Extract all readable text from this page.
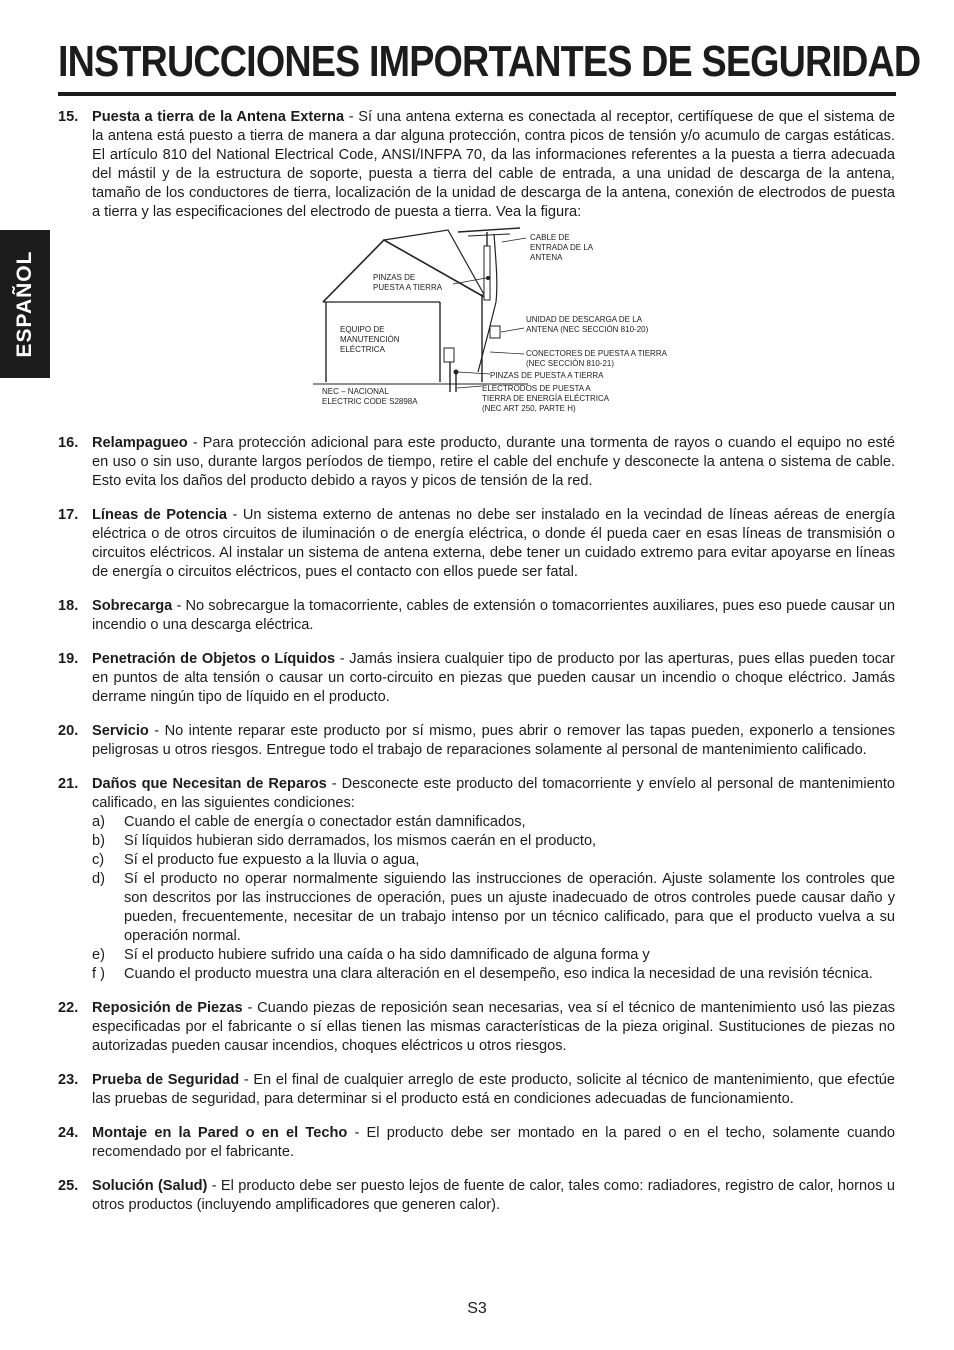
INSTRUCCIONES IMPORTANTES DE SEGURIDAD
ESPAÑOL
15. Puesta a tierra de la Antena Externa - Sí una antena externa es conectada al receptor, certifíquese de que el sistema de la antena está puesto a tierra de manera a dar alguna protección, contra picos de tensión y/o acumulo de cargas estáticas. El artículo 810 del National Electrical Code, ANSI/INFPA 70, da las informaciones referentes a la puesta a tierra adecuada del mástil y de la estructura de soporte, puesta a tierra del cable de entrada, a una unidad de descarga de la antena, tamaño de los conductores de tierra, localización de la unidad de descarga de la antena, conexión de electrodos de puesta a tierra y las especificaciones del electrodo de puesta a tierra. Vea la figura:
CABLE DE
ENTRADA DE LA
ANTENA
PINZAS DE
PUESTA A TIERRA
UNIDAD DE DESCARGA DE LA
ANTENA (NEC SECCIÓN 810-20)
EQUIPO DE
MANUTENCIÓN
ELÉCTRICA	CONECTORES DE PUESTA A TIERRA
(NEC SECCIÓN 810-21)
PINZAS DE PUESTA A TIERRA
NEC – NACIONAL
ELECTRIC CODE S2898A
ELECTRODOS DE PUESTA A
TIERRA DE ENERGÍA ELÉCTRICA
(NEC ART 250, PARTE H)
16. Relampagueo - Para protección adicional para este producto, durante una tormenta de rayos o cuando el equipo no esté en uso o sin uso, durante largos períodos de tiempo, retire el cable del enchufe y desconecte la antena o sistema de cable. Esto evita los daños del producto debido a rayos y picos de tensión de la red.
17. Líneas de Potencia - Un sistema externo de antenas no debe ser instalado en la vecindad de líneas aéreas de energía eléctrica o de otros circuitos de iluminación o de energía eléctrica, o donde él pueda caer en esas líneas de transmisión o circuitos eléctricos. Al instalar un sistema de antena externa, debe tener un cuidado extremo para evitar apoyarse en líneas de energía o circuitos eléctricos, pues el contacto con ellos puede ser fatal.
18. Sobrecarga - No sobrecargue la tomacorriente, cables de extensión o tomacorrientes auxiliares, pues eso puede causar un incendio o una descarga eléctrica.
19. Penetración de Objetos o Líquidos - Jamás insiera cualquier tipo de producto por las aperturas, pues ellas pueden tocar en puntos de alta tensión o causar un corto-circuito en piezas que pueden causar un incendio o choque eléctrico. Jamás derrame ningún tipo de líquido en el producto.
20. Servicio - No intente reparar este producto por sí mismo, pues abrir o remover las tapas pueden, exponerlo a tensiones peligrosas u otros riesgos. Entregue todo el trabajo de reparaciones solamente al personal de mantenimiento calificado.
21. Daños que Necesitan de Reparos - Desconecte este producto del tomacorriente y envíelo al personal de mantenimiento calificado, en las siguientes condiciones:
a) Cuando el cable de energía o conectador están damnificados,
b) Sí líquidos hubieran sido derramados, los mismos caerán en el producto,
c) Sí el producto fue expuesto a la lluvia o agua,
d) Sí el producto no operar normalmente siguiendo las instrucciones de operación. Ajuste solamente los controles que son descritos por las instrucciones de operación, pues un ajuste inadecuado de otros controles puede causar daño y pueden, frecuentemente, necesitar de un trabajo intenso por un técnico calificado, para que el producto vuelva a su operación normal.
e) Sí el producto hubiere sufrido una caída o ha sido damnificado de alguna forma y
f ) Cuando el producto muestra una clara alteración en el desempeño, eso indica la necesidad de una revisión técnica.
22. Reposición de Piezas - Cuando piezas de reposición sean necesarias, vea sí el técnico de mantenimiento usó las piezas especificadas por el fabricante o sí ellas tienen las mismas características de la pieza original. Sustituciones de piezas no autorizadas pueden causar incendios, choques eléctricos u otros riesgos.
23. Prueba de Seguridad - En el final de cualquier arreglo de este producto, solicite al técnico de mantenimiento, que efectúe las pruebas de seguridad, para determinar si el producto está en condiciones adecuadas de funcionamiento.
24. Montaje en la Pared o en el Techo - El producto debe ser montado en la pared o en el techo, solamente cuando recomendado por el fabricante.
25. Solución (Salud) - El producto debe ser puesto lejos de fuente de calor, tales como: radiadores, registro de calor, hornos u otros productos (incluyendo amplificadores que generen calor).
S3
